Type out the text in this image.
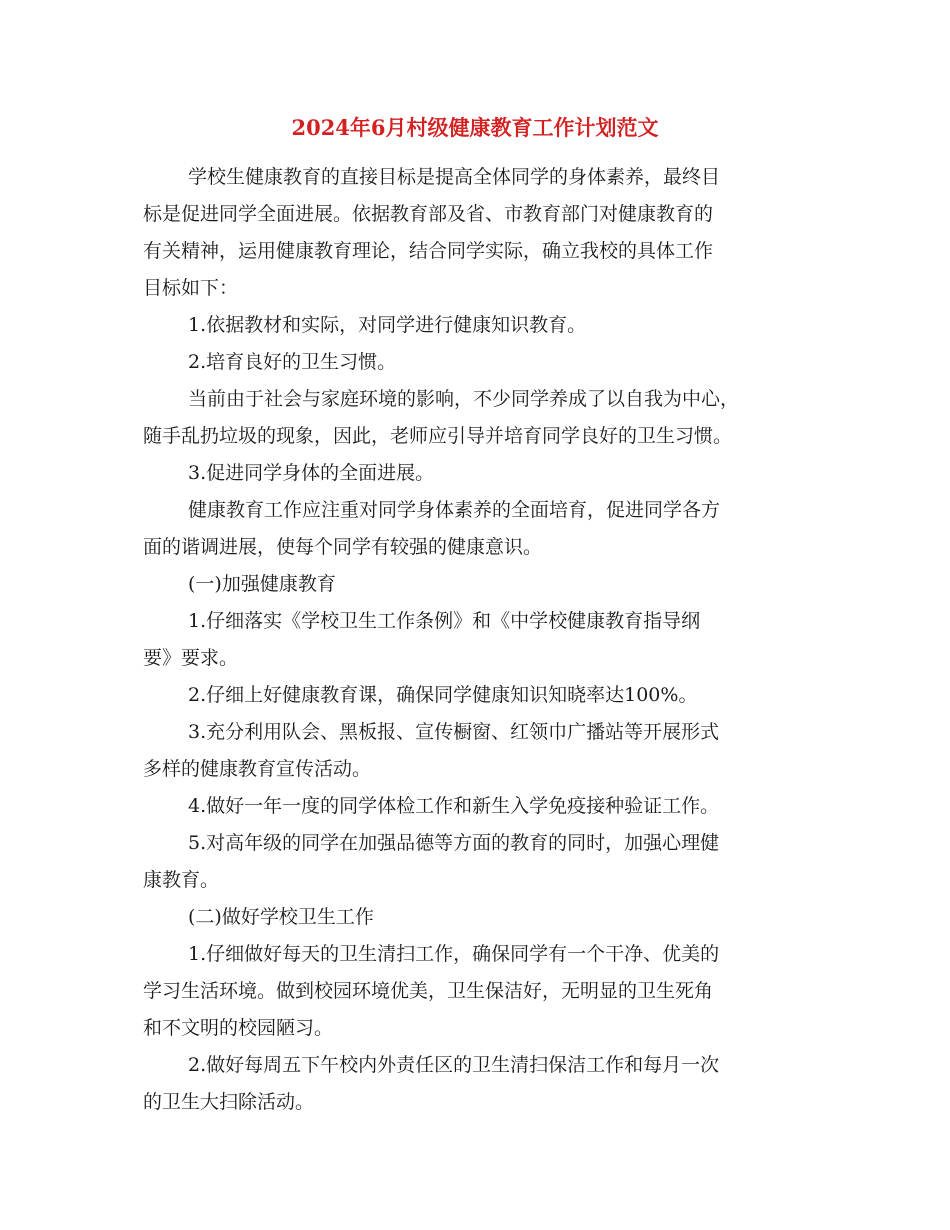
2024年6月村级健康教育工作计划范文
学校生健康教育的直接目标是提高全体同学的身体素养，最终目
标是促进同学全面进展。依据教育部及省、市教育部门对健康教育的
有关精神，运用健康教育理论，结合同学实际，确立我校的具体工作
目标如下：
1.依据教材和实际，对同学进行健康知识教育。
2.培育良好的卫生习惯。
当前由于社会与家庭环境的影响，不少同学养成了以自我为中心，
随手乱扔垃圾的现象，因此，老师应引导并培育同学良好的卫生习惯。
3.促进同学身体的全面进展。
健康教育工作应注重对同学身体素养的全面培育，促进同学各方
面的谐调进展，使每个同学有较强的健康意识。
(一)加强健康教育
1.仔细落实《学校卫生工作条例》和《中学校健康教育指导纲
要》要求。
2.仔细上好健康教育课，确保同学健康知识知晓率达100%。
3.充分利用队会、黑板报、宣传橱窗、红领巾广播站等开展形式
多样的健康教育宣传活动。
4.做好一年一度的同学体检工作和新生入学免疫接种验证工作。
5.对高年级的同学在加强品德等方面的教育的同时，加强心理健
康教育。
(二)做好学校卫生工作
1.仔细做好每天的卫生清扫工作，确保同学有一个干净、优美的
学习生活环境。做到校园环境优美，卫生保洁好，无明显的卫生死角
和不文明的校园陋习。
2.做好每周五下午校内外责任区的卫生清扫保洁工作和每月一次
的卫生大扫除活动。
